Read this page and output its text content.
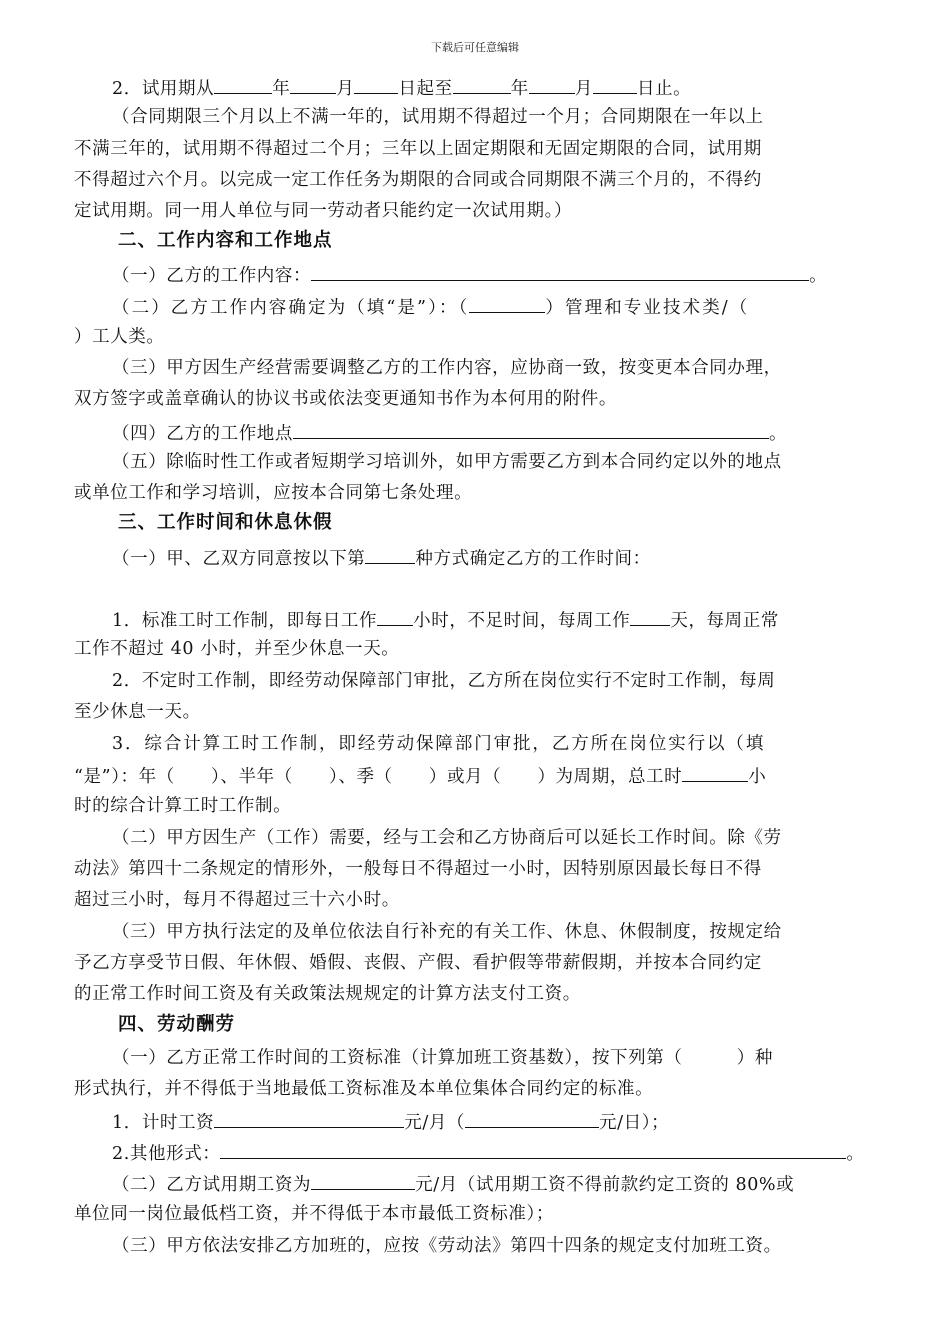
下载后可任意编辑
2．试用期从	年	月	日起至	年	月	日止。
（合同期限三个月以上不满一年的，试用期不得超过一个月；合同期限在一年以上
不满三年的，试用期不得超过二个月；三年以上固定期限和无固定期限的合同，试用期
不得超过六个月。以完成一定工作任务为期限的合同或合同期限不满三个月的，不得约
定试用期。同一用人单位与同一劳动者只能约定一次试用期。）
二、工作内容和工作地点
（一）乙方的工作内容：	。
（二）乙方工作内容确定为（填“是”）：（	）管理和专业技术类/（
）工人类。
（三）甲方因生产经营需要调整乙方的工作内容，应协商一致，按变更本合同办理，
双方签字或盖章确认的协议书或依法变更通知书作为本何用的附件。
（四）乙方的工作地点	。
（五）除临时性工作或者短期学习培训外，如甲方需要乙方到本合同约定以外的地点
或单位工作和学习培训，应按本合同第七条处理。
三、工作时间和休息休假
（一）甲、乙双方同意按以下第	种方式确定乙方的工作时间：
1．标准工时工作制，即每日工作 小时，不足时间，每周工作 天，每周正常
工作不超过 40 小时，并至少休息一天。
2．不定时工作制，即经劳动保障部门审批，乙方所在岗位实行不定时工作制，每周
至少休息一天。
3．综合计算工时工作制，即经劳动保障部门审批，乙方所在岗位实行以（填
“是”）：年（　　）、半年（　　）、季（　　）或月（　　）为周期，总工时	小
时的综合计算工时工作制。
（二）甲方因生产（工作）需要，经与工会和乙方协商后可以延长工作时间。除《劳
动法》第四十二条规定的情形外，一般每日不得超过一小时，因特别原因最长每日不得
超过三小时，每月不得超过三十六小时。
（三）甲方执行法定的及单位依法自行补充的有关工作、休息、休假制度，按规定给
予乙方享受节日假、年休假、婚假、丧假、产假、看护假等带薪假期，并按本合同约定
的正常工作时间工资及有关政策法规规定的计算方法支付工资。
四、劳动酬劳
（一）乙方正常工作时间的工资标准（计算加班工资基数），按下列第（　　　）种
形式执行，并不得低于当地最低工资标准及本单位集体合同约定的标准。
1．计时工资	元/月（	元/日）；
2.其他形式：	。
（二）乙方试用期工资为	元/月（试用期工资不得前款约定工资的 80%或
单位同一岗位最低档工资，并不得低于本市最低工资标准）；
（三）甲方依法安排乙方加班的，应按《劳动法》第四十四条的规定支付加班工资。
